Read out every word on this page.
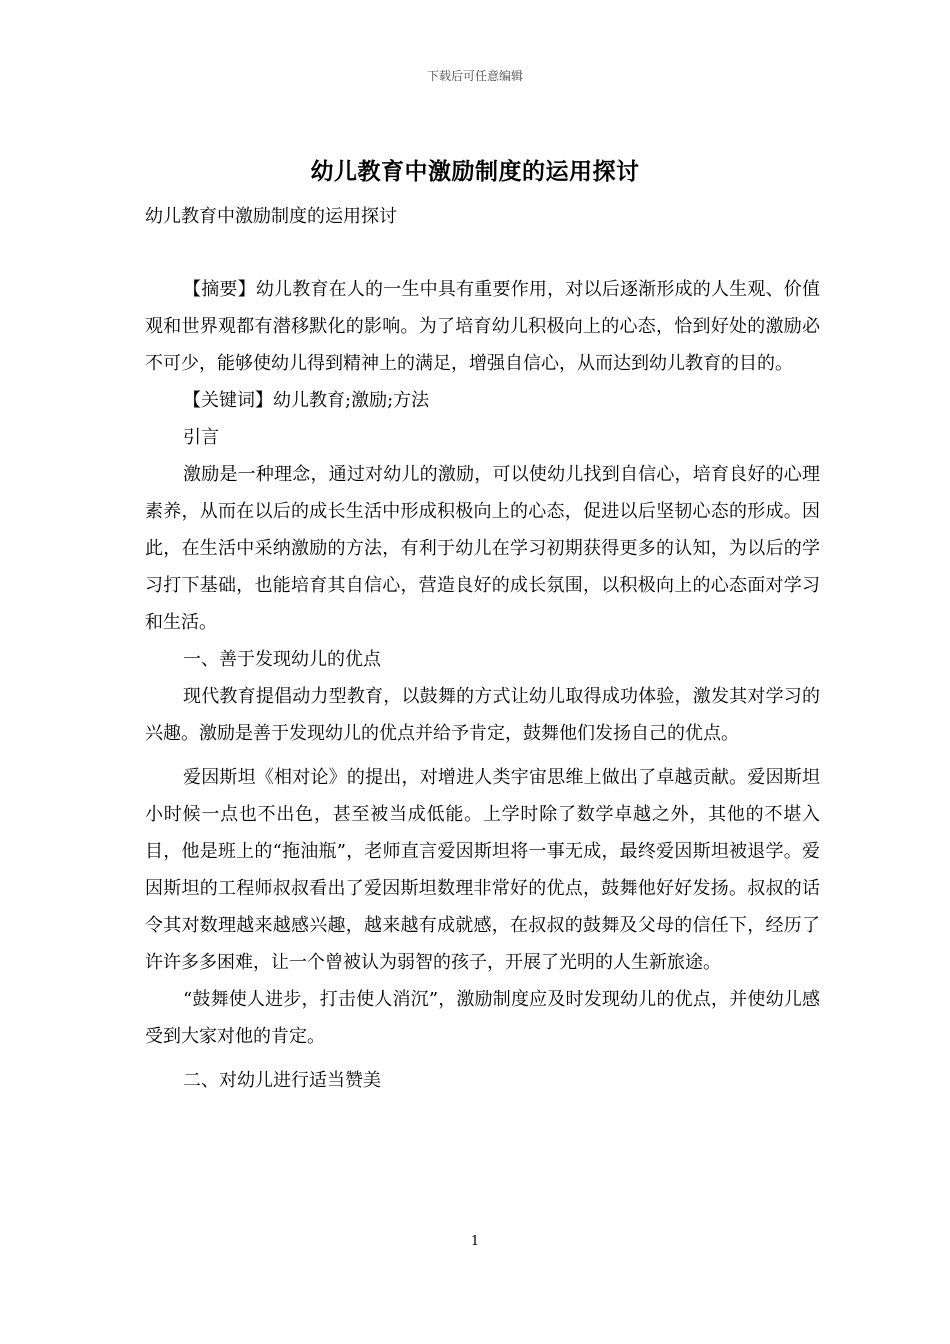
下载后可任意编辑
幼儿教育中激励制度的运用探讨
幼儿教育中激励制度的运用探讨

【摘要】幼儿教育在人的一生中具有重要作用，对以后逐渐形成的人生观、价值观和世界观都有潜移默化的影响。为了培育幼儿积极向上的心态，恰到好处的激励必不可少，能够使幼儿得到精神上的满足，增强自信心，从而达到幼儿教育的目的。

【关键词】幼儿教育;激励;方法

引言

激励是一种理念，通过对幼儿的激励，可以使幼儿找到自信心，培育良好的心理素养，从而在以后的成长生活中形成积极向上的心态，促进以后坚韧心态的形成。因此，在生活中采纳激励的方法，有利于幼儿在学习初期获得更多的认知，为以后的学习打下基础，也能培育其自信心，营造良好的成长氛围，以积极向上的心态面对学习和生活。

一、善于发现幼儿的优点

现代教育提倡动力型教育，以鼓舞的方式让幼儿取得成功体验，激发其对学习的兴趣。激励是善于发现幼儿的优点并给予肯定，鼓舞他们发扬自己的优点。

爱因斯坦《相对论》的提出，对增进人类宇宙思维上做出了卓越贡献。爱因斯坦小时候一点也不出色，甚至被当成低能。上学时除了数学卓越之外，其他的不堪入目，他是班上的“拖油瓶”，老师直言爱因斯坦将一事无成，最终爱因斯坦被退学。爱因斯坦的工程师叔叔看出了爱因斯坦数理非常好的优点，鼓舞他好好发扬。叔叔的话令其对数理越来越感兴趣，越来越有成就感，在叔叔的鼓舞及父母的信任下，经历了许许多多困难，让一个曾被认为弱智的孩子，开展了光明的人生新旅途。

“鼓舞使人进步，打击使人消沉”，激励制度应及时发现幼儿的优点，并使幼儿感受到大家对他的肯定。

二、对幼儿进行适当赞美

1
